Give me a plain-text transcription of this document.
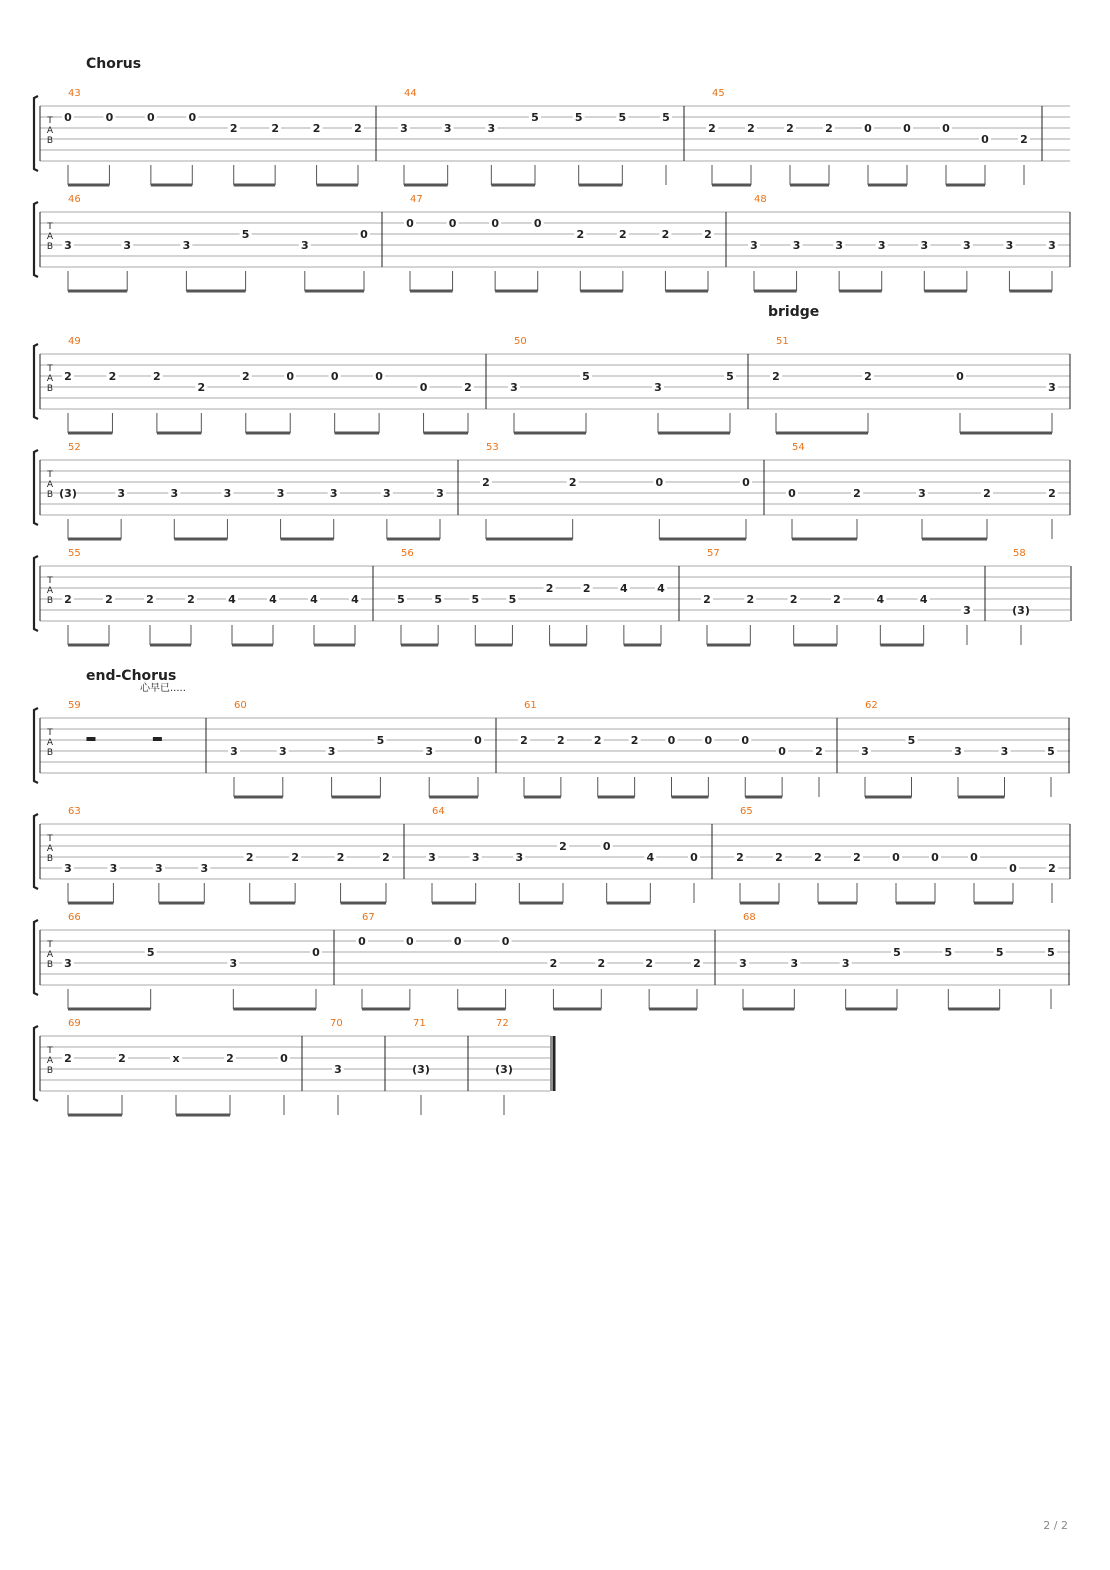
T
A
B
43
0	0	0	0
2	2	2	2
44
3	3	3
5	5	5	5
45
2	2	2	2	0	0	0
0	2
T
A
B
46
3	3	3
5
3
0
47
0	0	0	0
2	2	2	2
48
3	3	3	3	3	3	3	3
T
A
B
49
2	2	2
2
2	0	0	0
0	2
50
3
5
3
5
51
2	2	0
3
T
A
B
52
(3)	3	3	3	3	3	3	3
53
2	2	0	0
54
0	2	3	2	2
T
A
B
55
2	2	2	2	4	4	4	4
56
5	5	5	5
2	2	4	4
57
2	2	2	2	4	4
3
58
(3)
T
A
B
59	60
3	3	3
5
3
0
61
2	2	2	2	0	0	0
0	2
62
3
5
3	3	5
T
A
B
63
3	3	3	3
2	2	2	2
64
3	3	3
2	0
4	0
65
2	2	2	2	0	0	0
0	2
T
A
B
66
3
5
3
0
67
0	0	0	0
2	2	2	2
68
3	3	3
5	5	5	5
T
A
B
69
2	2	x	2	0
70
3
71
(3)
72
(3)
Chorus
bridge
end-Chorus
心早已.....
2 / 2
